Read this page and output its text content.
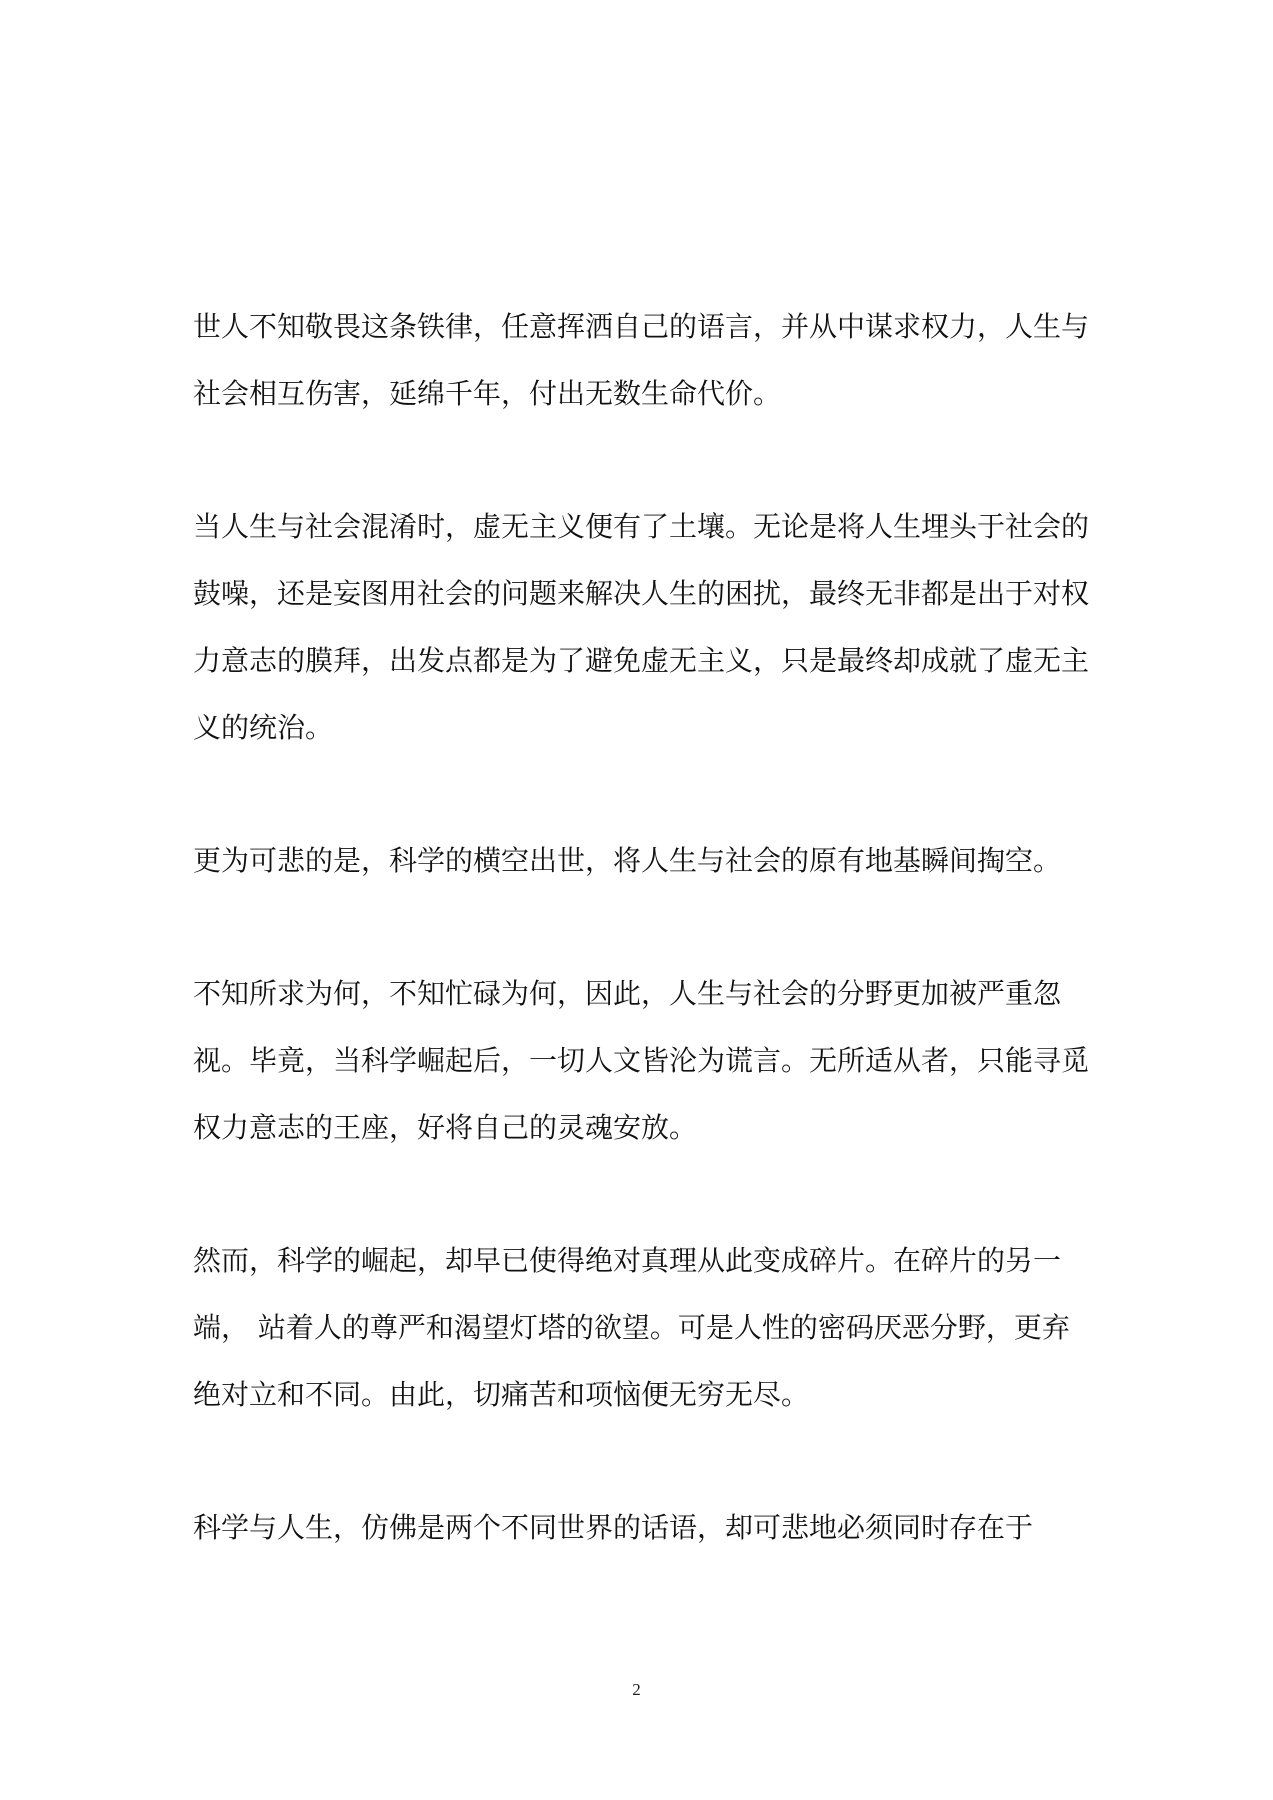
世人不知敬畏这条铁律，任意挥洒自己的语言，并从中谋求权力，人生与社会相互伤害，延绵千年，付出无数生命代价。

当人生与社会混淆时，虚无主义便有了土壤。无论是将人生埋头于社会的鼓噪，还是妄图用社会的问题来解决人生的困扰，最终无非都是出于对权力意志的膜拜，出发点都是为了避免虚无主义，只是最终却成就了虚无主义的统治。

更为可悲的是，科学的横空出世，将人生与社会的原有地基瞬间掏空。

不知所求为何，不知忙碌为何，因此，人生与社会的分野更加被严重忽视。毕竟，当科学崛起后，一切人文皆沦为谎言。无所适从者，只能寻觅权力意志的王座，好将自己的灵魂安放。

然而，科学的崛起，却早已使得绝对真理从此变成碎片。在碎片的另一端， 站着人的尊严和渴望灯塔的欲望。可是人性的密码厌恶分野，更弃绝对立和不同。由此，切痛苦和项恼便无穷无尽。

科学与人生，仿佛是两个不同世界的话语，却可悲地必须同时存在于

2
